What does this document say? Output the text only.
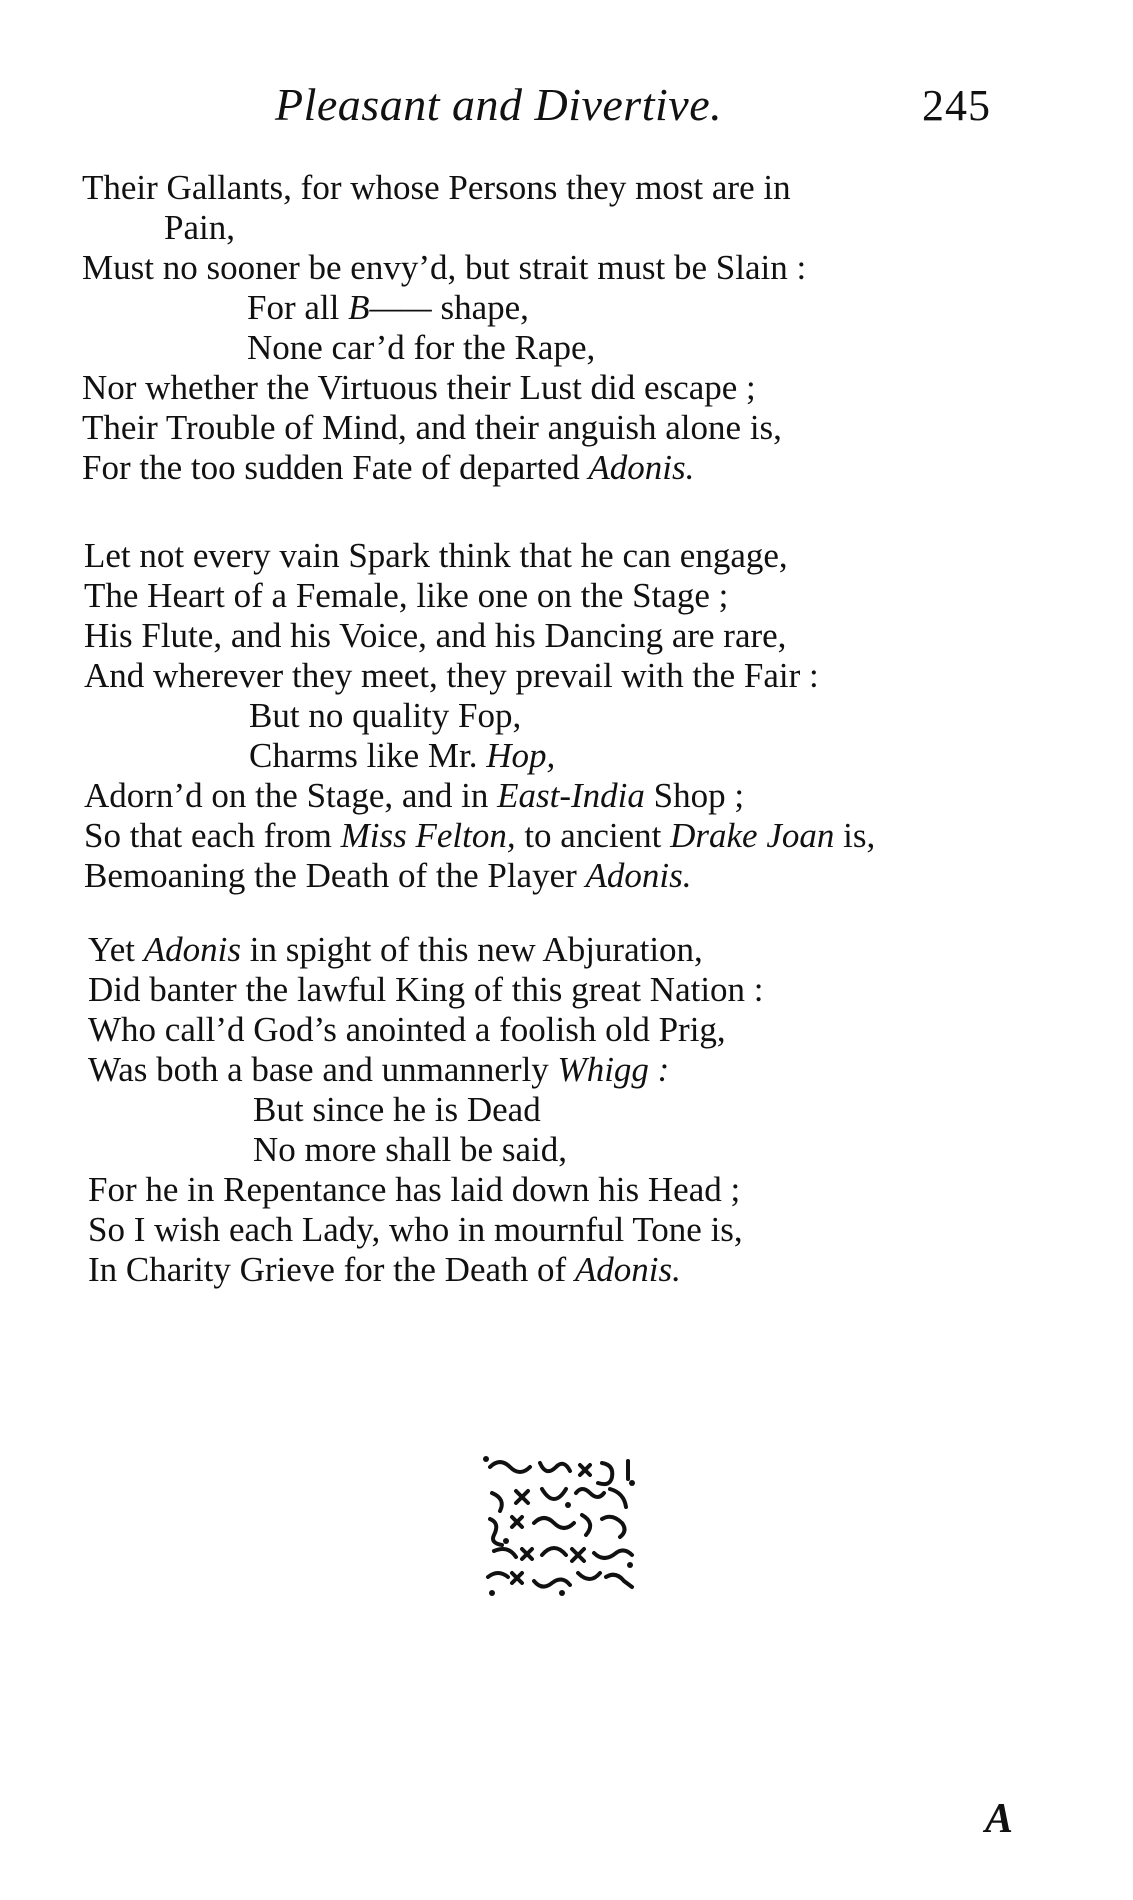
Pleasant and Divertive.	245
Their Gallants, for whose Persons they most are in
Pain,
Must no sooner be envy’d, but strait must be Slain :
For all B—— shape,
None car’d for the Rape,
Nor whether the Virtuous their Lust did escape ;
Their Trouble of Mind, and their anguish alone is,
For the too sudden Fate of departed Adonis.
Let not every vain Spark think that he can engage,
The Heart of a Female, like one on the Stage ;
His Flute, and his Voice, and his Dancing are rare,
And wherever they meet, they prevail with the Fair :
But no quality Fop,
Charms like Mr. Hop,
Adorn’d on the Stage, and in East-India Shop ;
So that each from Miss Felton, to ancient Drake Joan is,
Bemoaning the Death of the Player Adonis.
Yet Adonis in spight of this new Abjuration,
Did banter the lawful King of this great Nation :
Who call’d God’s anointed a foolish old Prig,
Was both a base and unmannerly Whigg :
But since he is Dead
No more shall be said,
For he in Repentance has laid down his Head ;
So I wish each Lady, who in mournful Tone is,
In Charity Grieve for the Death of Adonis.
A
